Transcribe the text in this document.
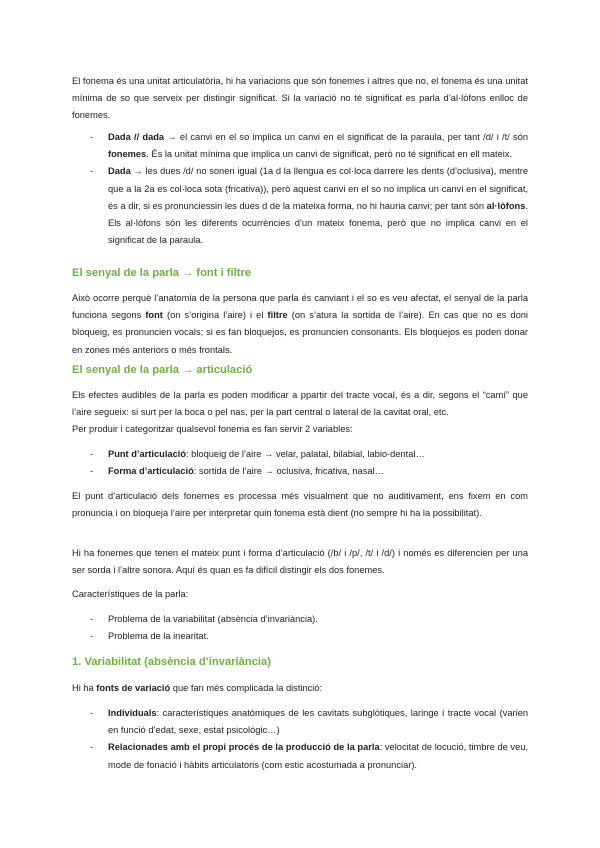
El fonema és una unitat articulatòria, hi ha variacions que són fonemes i altres que no, el fonema és una unitat mínima de so que serveix per distingir significat. Si la variació no té significat es parla d’al·lòfons enlloc de fonemes.

- Dada // dada → el canvi en el so implica un canvi en el significat de la paraula, per tant /d/ i /t/ són fonemes. És la unitat mínima que implica un canvi de significat, però no té significat en ell mateix.
- Dada → les dues /d/ no sonen igual (1a d la llengua es col·loca darrere les dents (d’oclusiva), mentre que a la 2a es col·loca sota (fricativa)), però aquest canvi en el so no implica un canvi en el significat, és a dir, si es pronunciessin les dues d de la mateixa forma, no hi hauria canvi; per tant són al·lòfons. Els al·lòfons són les diferents ocurrències d’un mateix fonema, però que no implica canvi en el significat de la paraula.
El senyal de la parla → font i filtre

Això ocorre perquè l’anatomia de la persona que parla és canviant i el so es veu afectat, el senyal de la parla funciona segons font (on s’origina l’aire) i el filtre (on s’atura la sortida de l’aire). En cas que no es doni bloqueig, es pronuncien vocals; si es fan bloquejos, es pronuncien consonants. Els bloquejos es poden donar en zones més anteriors o més frontals.

El senyal de la parla → articulació

Els efectes audibles de la parla es poden modificar a ppartir del tracte vocal, és a dir, segons el “camí” que l’aire segueix: si surt per la boca o pel nas, per la part central o lateral de la cavitat oral, etc.

Per produir i categoritzar qualsevol fonema es fan servir 2 variables:

- Punt d’articulació: bloqueig de l’aire → velar, palatal, bilabial, labio-dental…
- Forma d’articulació: sortida de l’aire → oclusiva, fricativa, nasal…

El punt d’articulació dels fonemes es processa més visualment que no auditivament, ens fixem en com pronuncia i on bloqueja l’aire per interpretar quin fonema està dient (no sempre hi ha la possibilitat).

Hi ha fonemes que tenen el mateix punt i forma d’articulació (/b/ i /p/, /t/ i /d/) i només es diferencien per una ser sorda i l’altre sonora. Aquí és quan es fa difícil distingir els dos fonemes.

Característiques de la parla:

- Problema de la variabilitat (absència d’invariància).
- Problema de la inearitat.
1. Variabilitat (absència d’invariància)

Hi ha fonts de variació que fan més complicada la distinció:

- Individuals: característiques anatòmiques de les cavitats subglòtiques, laringe i tracte vocal (varien en funció d’edat, sexe, estat psicològic…)
- Relacionades amb el propi procés de la producció de la parla: velocitat de locució, timbre de veu, mode de fonació i hàbits articulatoris (com estic acostumada a pronunciar).
